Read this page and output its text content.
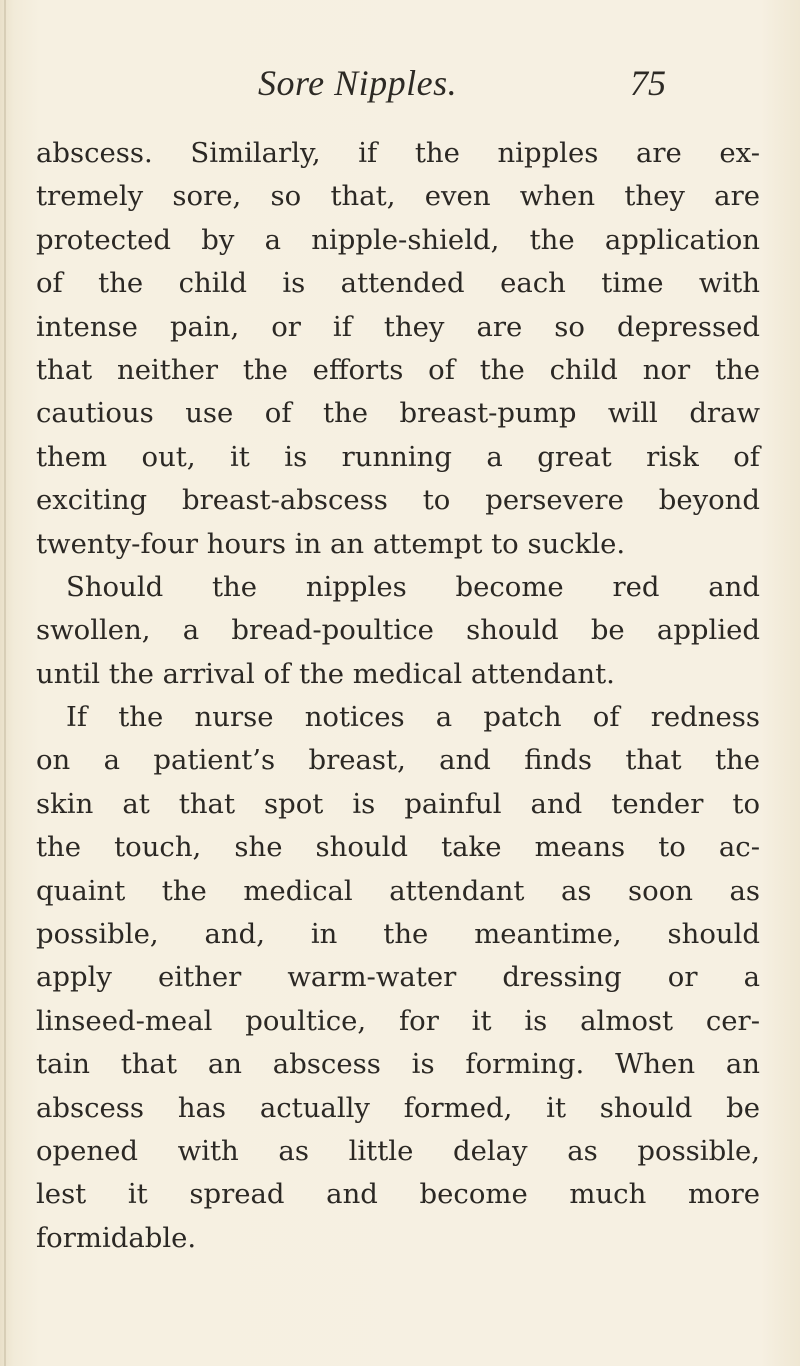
Sore Nipples.	75
abscess. Similarly, if the nipples are ex-
tremely sore, so that, even when they are
protected by a nipple-shield, the application
of the child is attended each time with
intense pain, or if they are so depressed
that neither the efforts of the child nor the
cautious use of the breast-pump will draw
them out, it is running a great risk of
exciting breast-abscess to persevere beyond
twenty-four hours in an attempt to suckle.
Should the nipples become red and
swollen, a bread-poultice should be applied
until the arrival of the medical attendant.
If the nurse notices a patch of redness
on a patient’s breast, and finds that the
skin at that spot is painful and tender to
the touch, she should take means to ac-
quaint the medical attendant as soon as
possible, and, in the meantime, should
apply either warm-water dressing or a
linseed-meal poultice, for it is almost cer-
tain that an abscess is forming. When an
abscess has actually formed, it should be
opened with as little delay as possible,
lest it spread and become much more
formidable.
